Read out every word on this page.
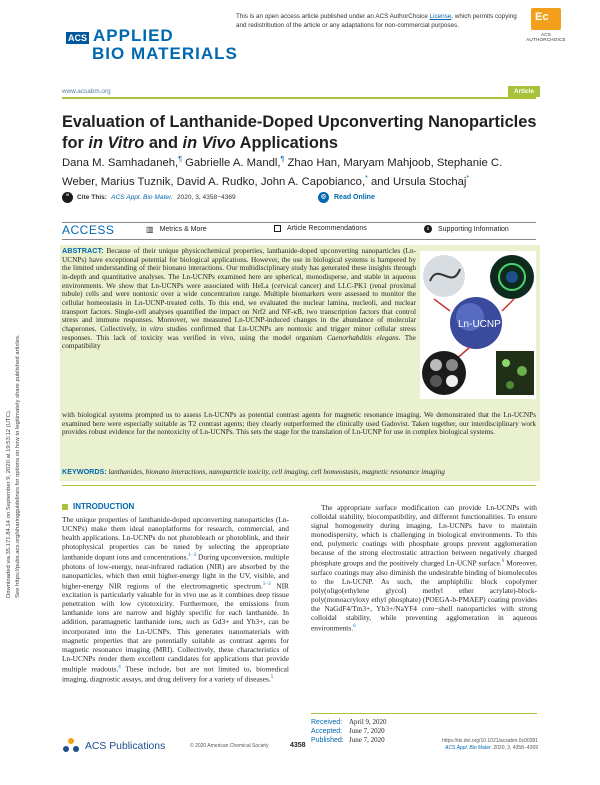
Downloaded via 35.171.84.14 on September 9, 2020 at 19:53:12 (UTC). See https://pubs.acs.org/sharingguidelines for options on how to legitimately share published articles.
This is an open access article published under an ACS AuthorChoice License, which permits copying and redistribution of the article or any adaptations for non-commercial purposes.
Ec
ACS AUTHORCHOICE
ACS APPLIED
BIO MATERIALS
www.acsabm.org	Article
Evaluation of Lanthanide-Doped Upconverting Nanoparticles for in Vitro and in Vivo Applications
Dana M. Samhadaneh,¶ Gabrielle A. Mandl,¶ Zhao Han, Maryam Mahjoob, Stephanie C. Weber, Marius Tuznik, David A. Rudko, John A. Capobianco,* and Ursula Stochaj*
❝	Cite This: ACS Appl. Bio Mater. 2020, 3, 4358−4369	◎	Read Online
ACCESS	▥ Metrics & More	Article Recommendations	s	Supporting Information
ABSTRACT: Because of their unique physicochemical properties, lanthanide-doped upconverting nanoparticles (Ln-UCNPs) have exceptional potential for biological applications. However, the use in biological systems is hampered by the limited understanding of their bionano interactions. Our multidisciplinary study has generated these insights through in-depth and quantitative analyses. The Ln-UCNPs examined here are spherical, monodisperse, and stable in aqueous environments. We show that Ln-UCNPs were associated with HeLa (cervical cancer) and LLC-PK1 (renal proximal tubule) cells and were nontoxic over a wide concentration range. Multiple biomarkers were assessed to monitor the cellular homeostasis in Ln-UCNP-treated cells. To this end, we evaluated the nuclear lamina, nucleoli, and nuclear transport factors. Single-cell analyses quantified the impact on Nrf2 and NF-κB, two transcription factors that control stress and immune responses. Moreover, we measured Ln-UCNP-induced changes in the abundance of molecular chaperones. Collectively, in vitro studies confirmed that Ln-UCNPs are nontoxic and trigger minor cellular stress responses. This lack of toxicity was verified in vivo, using the model organism Caenorhabditis elegans. The compatibility
with biological systems prompted us to assess Ln-UCNPs as potential contrast agents for magnetic resonance imaging. We demonstrated that the Ln-UCNPs examined here were especially suitable as T2 contrast agents; they clearly outperformed the clinically used Gadovist. Taken together, our interdisciplinary work provides robust evidence for the nontoxicity of Ln-UCNPs. This sets the stage for the translation of Ln-UCNP for use in complex biological systems.
Ln-UCNP
KEYWORDS: lanthanides, bionano interactions, nanoparticle toxicity, cell imaging, cell homeostasis, magnetic resonance imaging
INTRODUCTION
The unique properties of lanthanide-doped upconverting nanoparticles (Ln-UCNPs) make them ideal nanoplatforms for research, commercial, and health applications. Ln-UCNPs do not photobleach or photoblink, and their photophysical properties can be tuned by selecting the appropriate lanthanide dopant ions and concentrations.$^{1-3}$ During upconversion, multiple photons of low-energy, near-infrared radiation (NIR) are absorbed by the nanoparticles, which then emit higher-energy light in the UV, visible, and higher-energy NIR regions of the electromagnetic spectrum.$^{1-3}$ NIR excitation is particularly valuable for in vivo use as it combines deep tissue penetration with low cytotoxicity. Furthermore, the emissions from lanthanide ions are narrow and highly specific for each lanthanide. In addition, paramagnetic lanthanide ions, such as Gd3+ and Yb3+, can be incorporated into the Ln-UCNPs. This generates nanomaterials with magnetic properties that are potentially suitable as contrast agents for magnetic resonance imaging (MRI). Collectively, these characteristics of Ln-UCNPs render them excellent candidates for applications that provide multiple readouts.$^4$ These include, but are not limited to, biomedical imaging, diagnostic assays, and drug delivery for a variety of diseases.$^5$
The appropriate surface modification can provide Ln-UCNPs with colloidal stability, biocompatibility, and different functionalities. To ensure signal homogeneity during imaging, Ln-UCNPs have to maintain monodispersity, which is challenging in biological environments. To this end, polymeric coatings with phosphate groups prevent agglomeration because of the strong electrostatic attraction between negatively charged phosphate groups and the positively charged Ln-UCNP surface.$^6$ Moreover, surface coatings may also diminish the undesirable binding of biomolecules to the Ln-UCNP. As such, the amphiphilic block copolymer poly(oligo(ethylene glycol) methyl ether acrylate)-block-poly(monoacryloxy ethyl phosphate) (POEGA-b-PMAEP) coating provides the NaGdF4/Tm3+, Yb3+/NaYF4 core−shell nanoparticles with strong colloidal stability, while preventing agglomeration in aqueous environments.$^6$
Received: April 9, 2020
Accepted: June 7, 2020
Published: June 7, 2020
ACS Publications	© 2020 American Chemical Society	4358
https://dx.doi.org/10.1021/acsabm.0c00381
ACS Appl. Bio Mater. 2020, 3, 4358−4369
